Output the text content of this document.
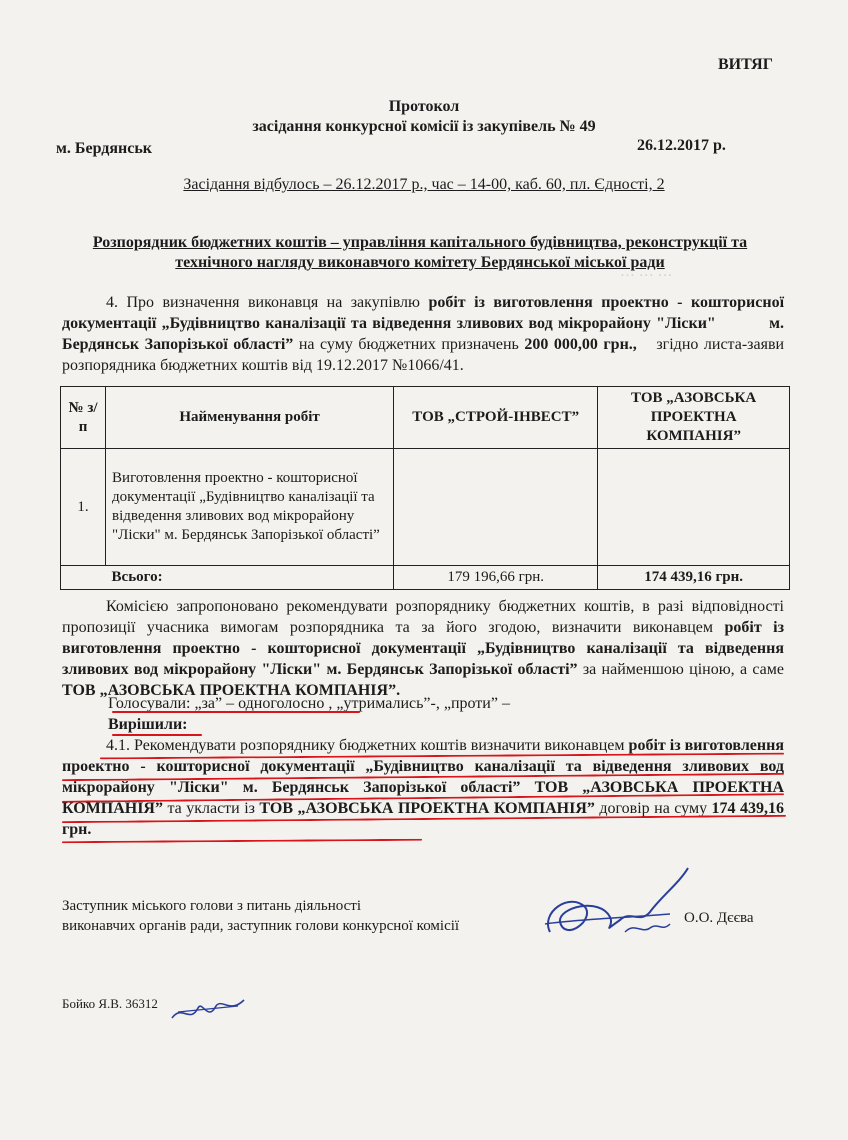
··· ··· ···
ВИТЯГ
Протокол
засідання конкурсної комісії із закупівель № 49
м. Бердянськ	26.12.2017 р.
Засідання відбулось – 26.12.2017 р., час – 14-00, каб. 60, пл. Єдності, 2
Розпорядник бюджетних коштів – управління капітального будівництва, реконструкції та
технічного нагляду виконавчого комітету Бердянської міської ради
4. Про визначення виконавця на закупівлю робіт із виготовлення проектно - кошторисної документації „Будівництво каналізації та відведення зливових вод мікрорайону "Ліски"	м. Бердянськ Запорізької області” на суму бюджетних призначень 200 000,00 грн., згідно листа-заяви розпорядника бюджетних коштів від 19.12.2017 №1066/41.
№ з/п	Найменування робіт	ТОВ „СТРОЙ-ІНВЕСТ”	ТОВ „АЗОВСЬКА ПРОЕКТНА КОМПАНІЯ”
1.	Виготовлення проектно - кошторисної документації „Будівництво каналізації та відведення зливових вод мікрорайону "Ліски" м. Бердянськ Запорізької області”		
	Всього:	179 196,66 грн.	174 439,16 грн.
Комісією запропоновано рекомендувати розпоряднику бюджетних коштів, в разі відповідності пропозиції учасника вимогам розпорядника та за його згодою, визначити виконавцем робіт із виготовлення проектно - кошторисної документації „Будівництво каналізації та відведення зливових вод мікрорайону "Ліски" м. Бердянськ Запорізької області” за найменшою ціною, а саме ТОВ „АЗОВСЬКА ПРОЕКТНА КОМПАНІЯ”.
Голосували: „за” – одноголосно , „утримались”-, „проти” –
Вирішили:
4.1. Рекомендувати розпоряднику бюджетних коштів визначити виконавцем робіт із виготовлення проектно - кошторисної документації „Будівництво каналізації та відведення зливових вод мікрорайону "Ліски" м. Бердянськ Запорізької області” ТОВ „АЗОВСЬКА ПРОЕКТНА КОМПАНІЯ” та укласти із ТОВ „АЗОВСЬКА ПРОЕКТНА КОМПАНІЯ” договір на суму 174 439,16 грн.
Заступник міського голови з питань діяльності
виконавчих органів ради, заступник голови конкурсної комісії	О.О. Дєєва
Бойко Я.В. 36312
